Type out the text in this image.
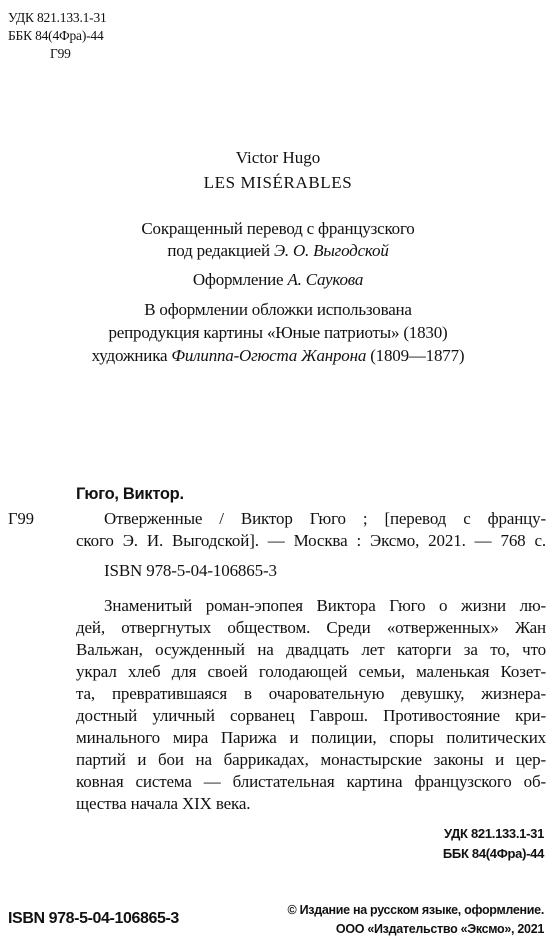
УДК 821.133.1-31
ББК 84(4Фра)-44
Г99
Victor Hugo
LES MISÉRABLES
Сокращенный перевод с французского
под редакцией Э. О. Выгодской
Оформление А. Саукова
В оформлении обложки использована
репродукция картины «Юные патриоты» (1830)
художника Филиппа-Огюста Жанрона (1809—1877)
Гюго, Виктор.
Г99	Отверженные / Виктор Гюго ; [перевод с францу-
ского Э. И. Выгодской]. — Москва : Эксмо, 2021. — 768 с.
ISBN 978-5-04-106865-3
Знаменитый роман-эпопея Виктора Гюго о жизни лю-
дей, отвергнутых обществом. Среди «отверженных» Жан
Вальжан, осужденный на двадцать лет каторги за то, что
украл хлеб для своей голодающей семьи, маленькая Козет-
та, превратившаяся в очаровательную девушку, жизнера-
достный уличный сорванец Гаврош. Противостояние кри-
минального мира Парижа и полиции, споры политических
партий и бои на баррикадах, монастырские законы и цер-
ковная система — блистательная картина французского об-
щества начала XIX века.
УДК 821.133.1-31
ББК 84(4Фра)-44
ISBN 978-5-04-106865-3	© Издание на русском языке, оформление.
ООО «Издательство «Эксмо», 2021
